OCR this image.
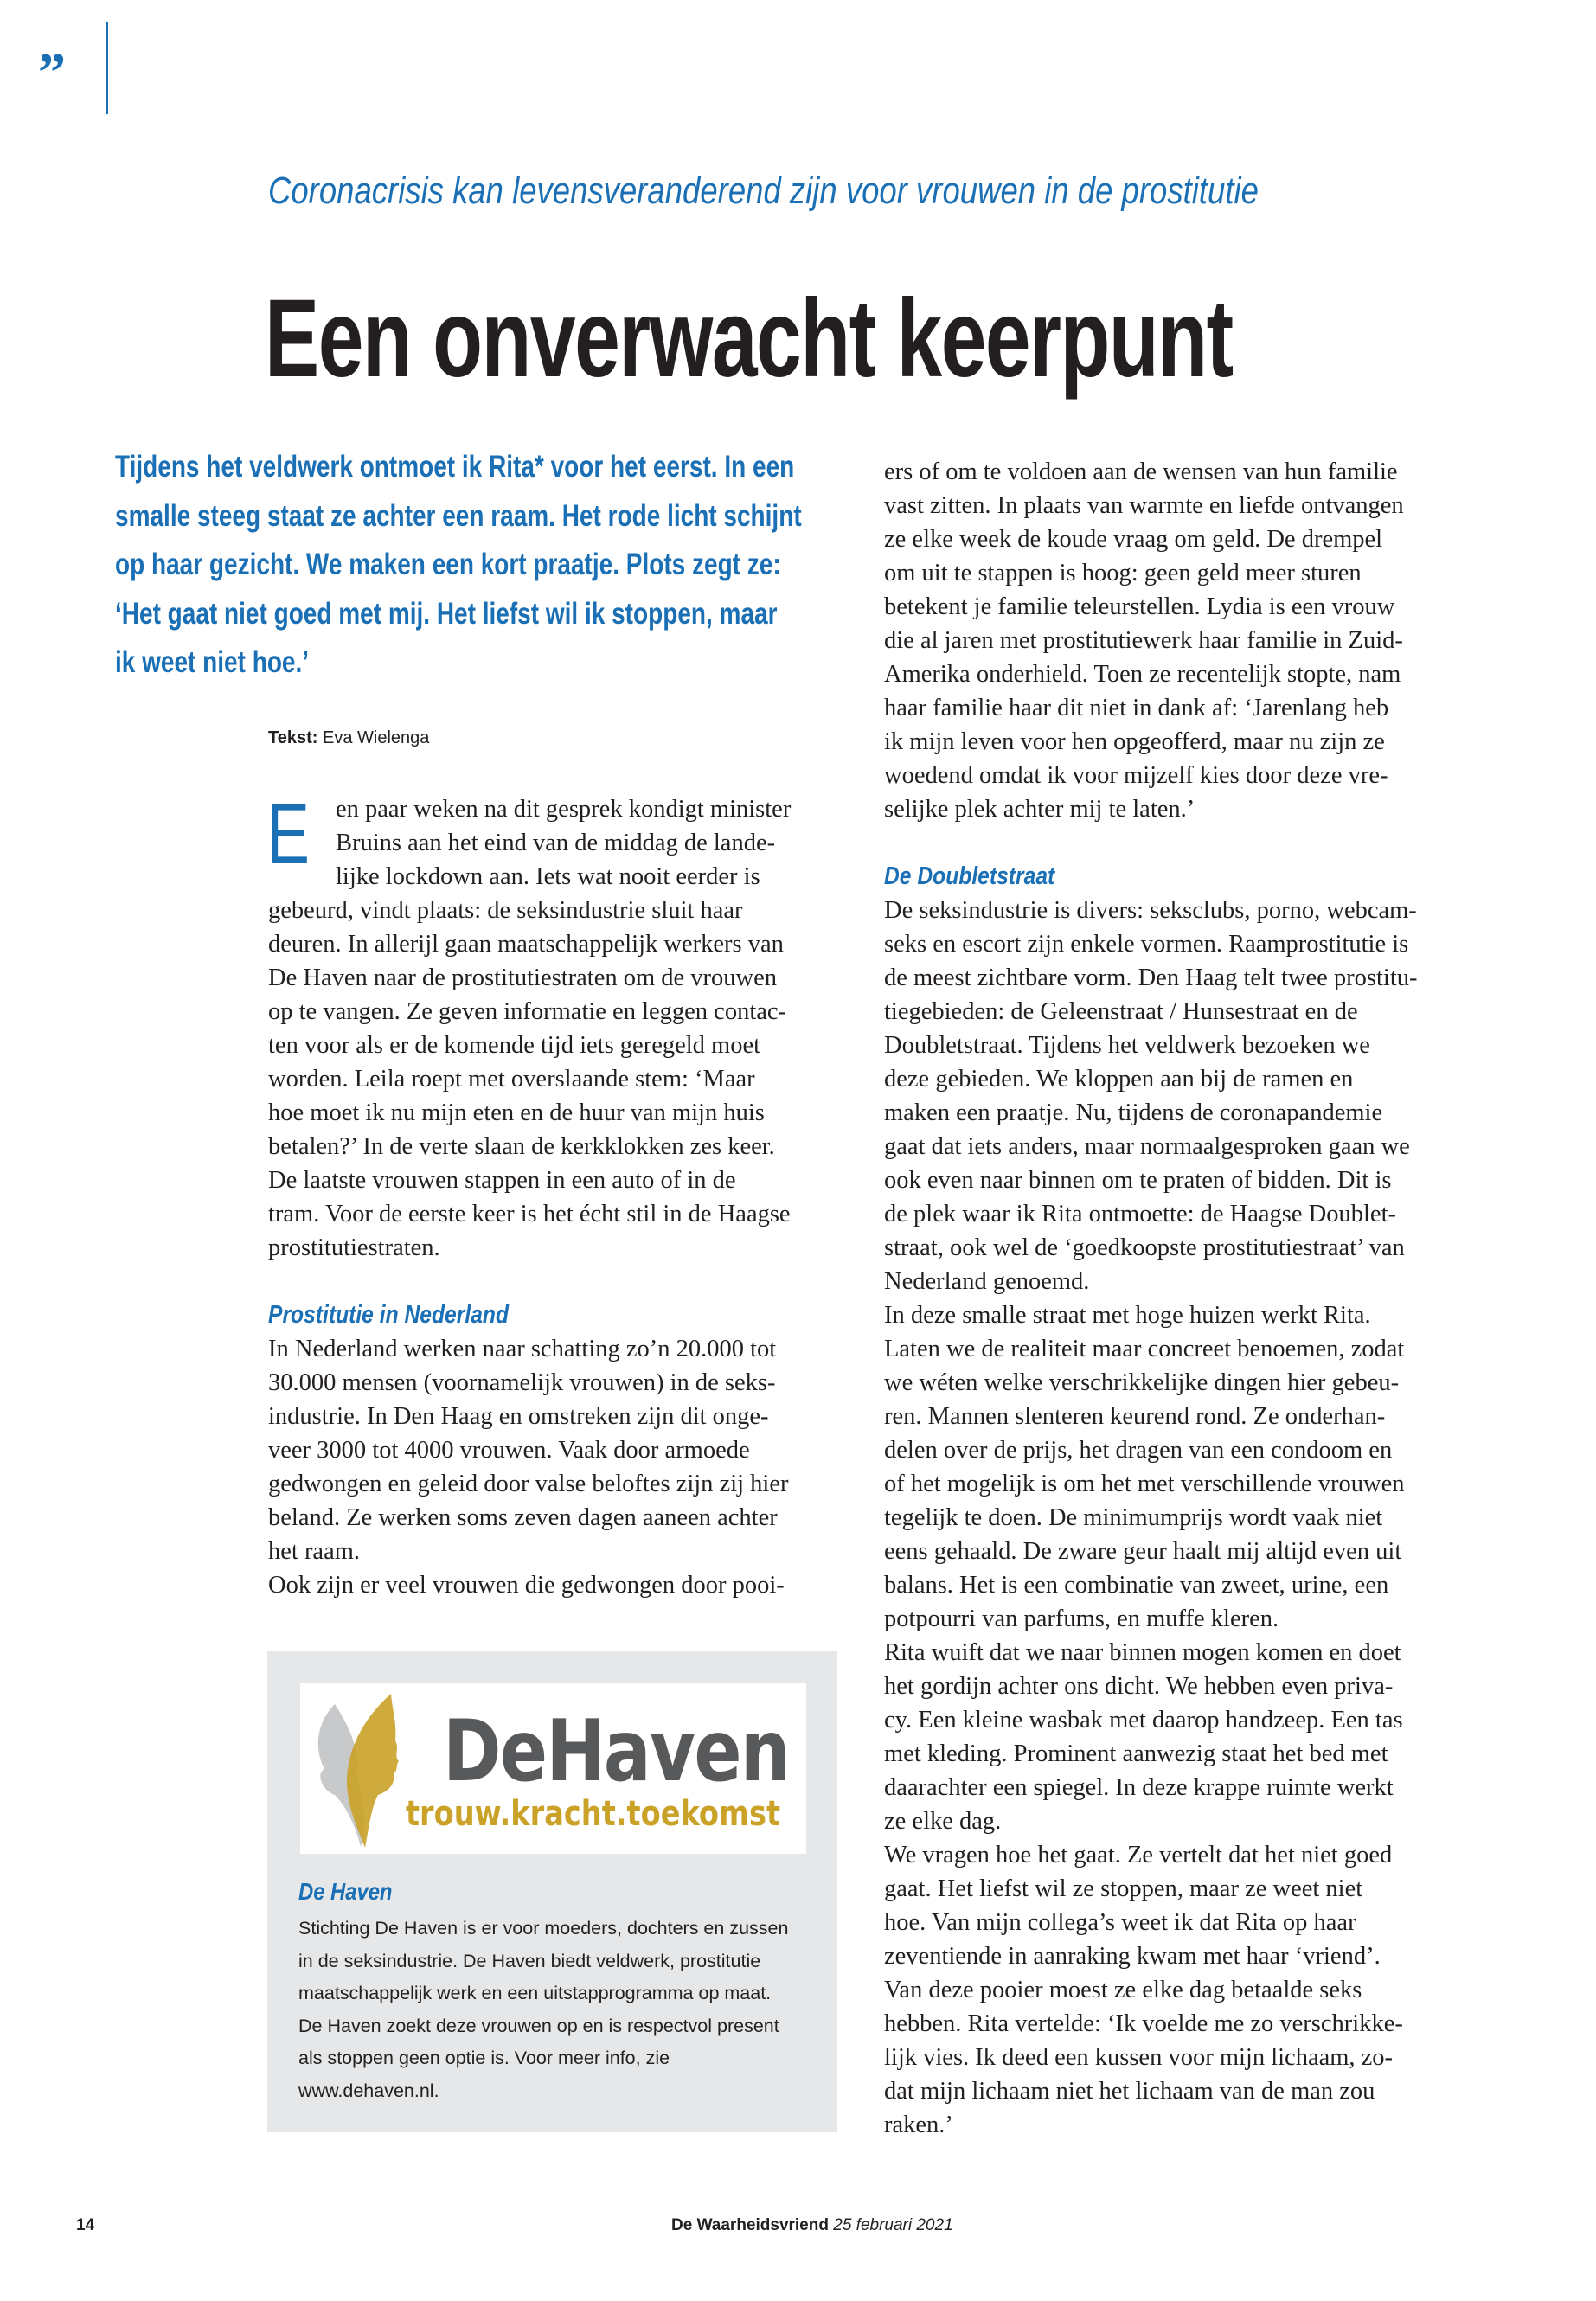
”
Coronacrisis kan levensveranderend zijn voor vrouwen in de prostitutie
Een onverwacht keerpunt
Tijdens het veldwerk ontmoet ik Rita* voor het eerst. In een
smalle steeg staat ze achter een raam. Het rode licht schijnt
op haar gezicht. We maken een kort praatje. Plots zegt ze:
‘Het gaat niet goed met mij. Het liefst wil ik stoppen, maar
ik weet niet hoe.’
Tekst: Eva Wielenga
E	en paar weken na dit gesprek kondigt minister
Bruins aan het eind van de middag de lande-
lijke lockdown aan. Iets wat nooit eerder is
gebeurd, vindt plaats: de seksindustrie sluit haar
deuren. In allerijl gaan maatschappelijk werkers van
De Haven naar de prostitutiestraten om de vrouwen
op te vangen. Ze geven informatie en leggen contac-
ten voor als er de komende tijd iets geregeld moet
worden. Leila roept met overslaande stem: ‘Maar
hoe moet ik nu mijn eten en de huur van mijn huis
betalen?’ In de verte slaan de kerkklokken zes keer.
De laatste vrouwen stappen in een auto of in de
tram. Voor de eerste keer is het écht stil in de Haagse
prostitutiestraten.
Prostitutie in Nederland
In Nederland werken naar schatting zo’n 20.000 tot
30.000 mensen (voornamelijk vrouwen) in de seks-
industrie. In Den Haag en omstreken zijn dit onge-
veer 3000 tot 4000 vrouwen. Vaak door armoede
gedwongen en geleid door valse beloftes zijn zij hier
beland. Ze werken soms zeven dagen aaneen achter
het raam.
Ook zijn er veel vrouwen die gedwongen door pooi-
ers of om te voldoen aan de wensen van hun familie
vast zitten. In plaats van warmte en liefde ontvangen
ze elke week de koude vraag om geld. De drempel
om uit te stappen is hoog: geen geld meer sturen
betekent je familie teleurstellen. Lydia is een vrouw
die al jaren met prostitutiewerk haar familie in Zuid-
Amerika onderhield. Toen ze recentelijk stopte, nam
haar familie haar dit niet in dank af: ‘Jarenlang heb
ik mijn leven voor hen opgeofferd, maar nu zijn ze
woedend omdat ik voor mijzelf kies door deze vre-
selijke plek achter mij te laten.’
De Doubletstraat
De seksindustrie is divers: seksclubs, porno, webcam-
seks en escort zijn enkele vormen. Raamprostitutie is
de meest zichtbare vorm. Den Haag telt twee prostitu-
tiegebieden: de Geleenstraat / Hunsestraat en de
Doubletstraat. Tijdens het veldwerk bezoeken we
deze gebieden. We kloppen aan bij de ramen en
maken een praatje. Nu, tijdens de coronapandemie
gaat dat iets anders, maar normaalgesproken gaan we
ook even naar binnen om te praten of bidden. Dit is
de plek waar ik Rita ontmoette: de Haagse Doublet-
straat, ook wel de ‘goedkoopste prostitutiestraat’ van
Nederland genoemd.
In deze smalle straat met hoge huizen werkt Rita.
Laten we de realiteit maar concreet benoemen, zodat
we wéten welke verschrikkelijke dingen hier gebeu-
ren. Mannen slenteren keurend rond. Ze onderhan-
delen over de prijs, het dragen van een condoom en
of het mogelijk is om het met verschillende vrouwen
tegelijk te doen. De minimumprijs wordt vaak niet
eens gehaald. De zware geur haalt mij altijd even uit
balans. Het is een combinatie van zweet, urine, een
potpourri van parfums, en muffe kleren.
Rita wuift dat we naar binnen mogen komen en doet
het gordijn achter ons dicht. We hebben even priva-
cy. Een kleine wasbak met daarop handzeep. Een tas
met kleding. Prominent aanwezig staat het bed met
daarachter een spiegel. In deze krappe ruimte werkt
ze elke dag.
We vragen hoe het gaat. Ze vertelt dat het niet goed
gaat. Het liefst wil ze stoppen, maar ze weet niet
hoe. Van mijn collega’s weet ik dat Rita op haar
zeventiende in aanraking kwam met haar ‘vriend’.
Van deze pooier moest ze elke dag betaalde seks
hebben. Rita vertelde: ‘Ik voelde me zo verschrikke-
lijk vies. Ik deed een kussen voor mijn lichaam, zo-
dat mijn lichaam niet het lichaam van de man zou
raken.’
DeHaven
trouw.kracht.toekomst
De Haven
Stichting De Haven is er voor moeders, dochters en zussen
in de seksindustrie. De Haven biedt veldwerk, prostitutie
maatschappelijk werk en een uitstapprogramma op maat.
De Haven zoekt deze vrouwen op en is respectvol present
als stoppen geen optie is. Voor meer info, zie
www.dehaven.nl.
14	De Waarheidsvriend 25 februari 2021
